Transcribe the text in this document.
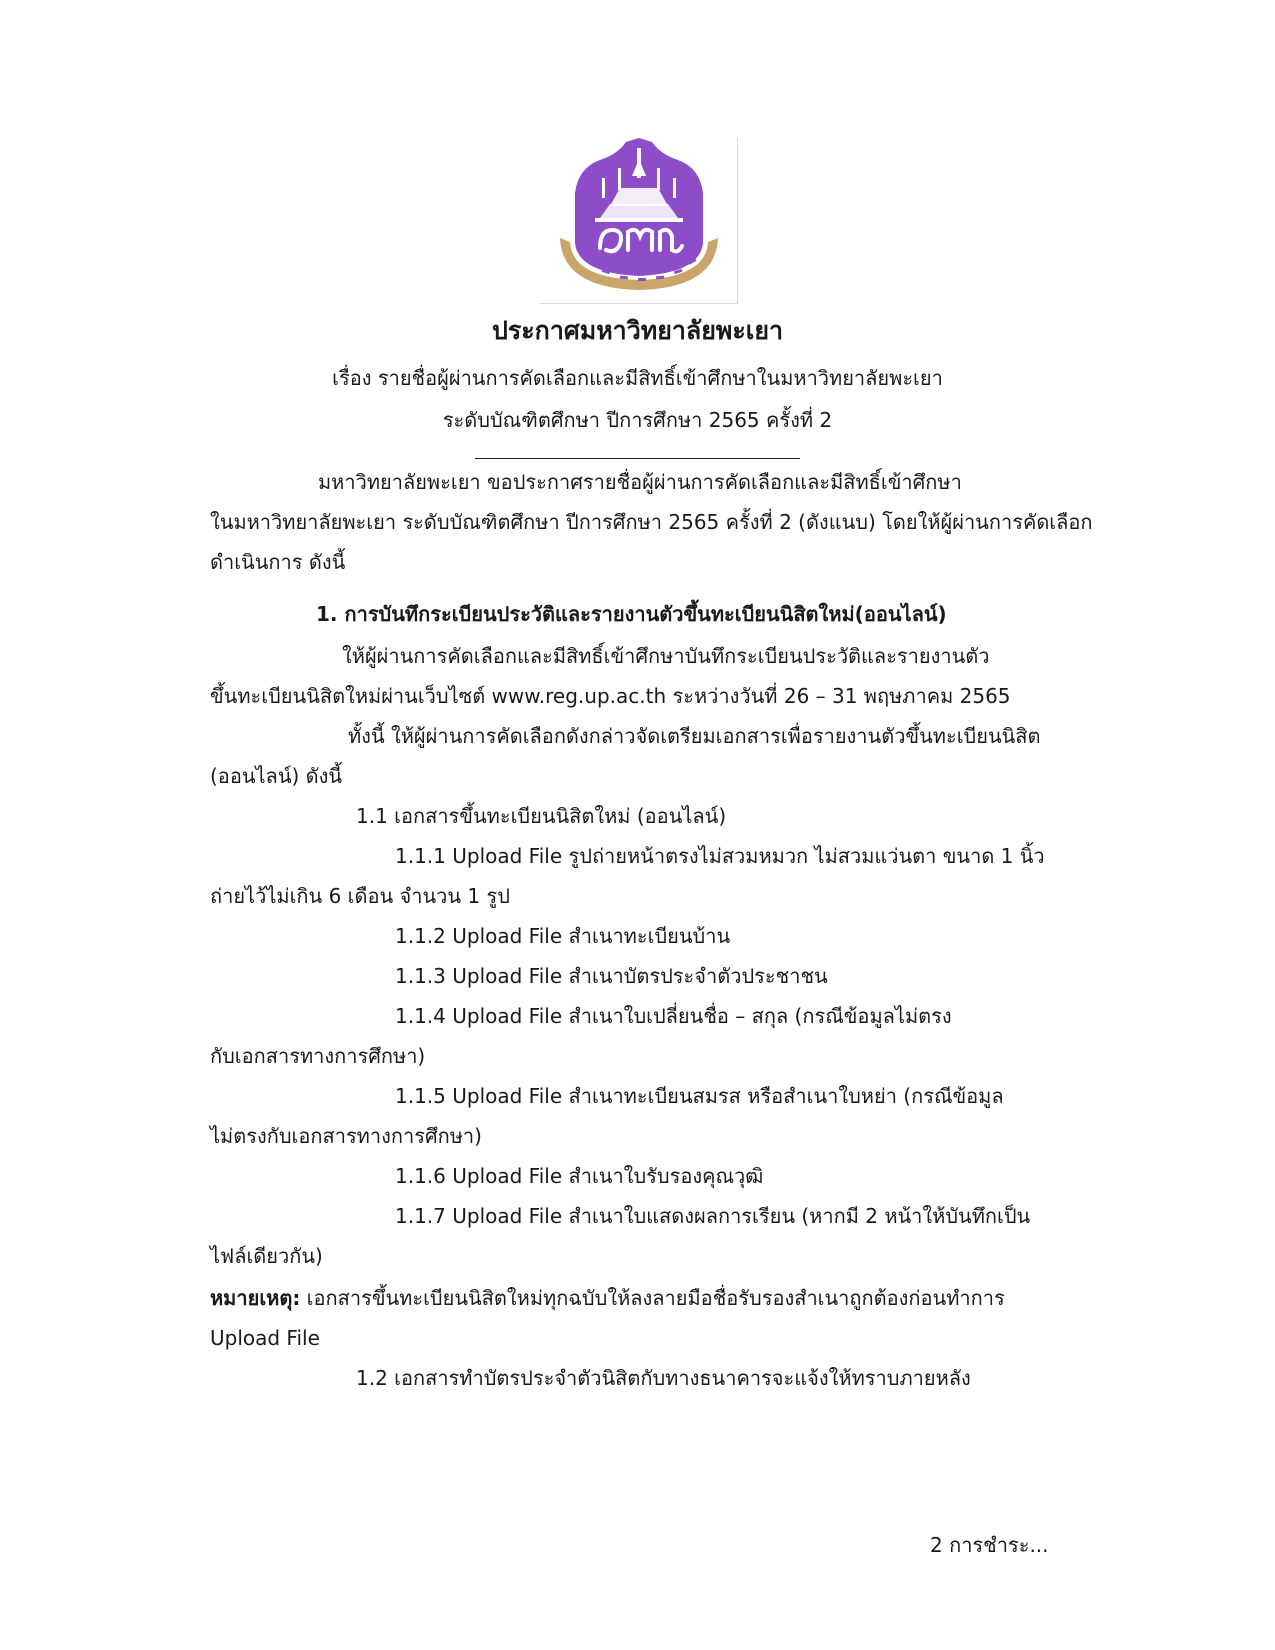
ประกาศมหาวิทยาลัยพะเยา
เรื่อง รายชื่อผู้ผ่านการคัดเลือกและมีสิทธิ์เข้าศึกษาในมหาวิทยาลัยพะเยา
ระดับบัณฑิตศึกษา ปีการศึกษา 2565 ครั้งที่ 2
มหาวิทยาลัยพะเยา ขอประกาศรายชื่อผู้ผ่านการคัดเลือกและมีสิทธิ์เข้าศึกษา
ในมหาวิทยาลัยพะเยา ระดับบัณฑิตศึกษา ปีการศึกษา 2565 ครั้งที่ 2 (ดังแนบ) โดยให้ผู้ผ่านการคัดเลือก
ดำเนินการ ดังนี้
1. การบันทึกระเบียนประวัติและรายงานตัวขึ้นทะเบียนนิสิตใหม่(ออนไลน์)
ให้ผู้ผ่านการคัดเลือกและมีสิทธิ์เข้าศึกษาบันทึกระเบียนประวัติและรายงานตัว
ขึ้นทะเบียนนิสิตใหม่ผ่านเว็บไซต์ www.reg.up.ac.th ระหว่างวันที่ 26 – 31 พฤษภาคม 2565
ทั้งนี้ ให้ผู้ผ่านการคัดเลือกดังกล่าวจัดเตรียมเอกสารเพื่อรายงานตัวขึ้นทะเบียนนิสิต
(ออนไลน์) ดังนี้
1.1 เอกสารขึ้นทะเบียนนิสิตใหม่ (ออนไลน์)
1.1.1 Upload File รูปถ่ายหน้าตรงไม่สวมหมวก ไม่สวมแว่นตา ขนาด 1 นิ้ว
ถ่ายไว้ไม่เกิน 6 เดือน จำนวน 1 รูป
1.1.2 Upload File สำเนาทะเบียนบ้าน
1.1.3 Upload File สำเนาบัตรประจำตัวประชาชน
1.1.4 Upload File สำเนาใบเปลี่ยนชื่อ – สกุล (กรณีข้อมูลไม่ตรง
กับเอกสารทางการศึกษา)
1.1.5 Upload File สำเนาทะเบียนสมรส หรือสำเนาใบหย่า (กรณีข้อมูล
ไม่ตรงกับเอกสารทางการศึกษา)
1.1.6 Upload File สำเนาใบรับรองคุณวุฒิ
1.1.7 Upload File สำเนาใบแสดงผลการเรียน (หากมี 2 หน้าให้บันทึกเป็น
ไฟล์เดียวกัน)
หมายเหตุ: เอกสารขึ้นทะเบียนนิสิตใหม่ทุกฉบับให้ลงลายมือชื่อรับรองสำเนาถูกต้องก่อนทำการ
Upload File
1.2 เอกสารทำบัตรประจำตัวนิสิตกับทางธนาคารจะแจ้งให้ทราบภายหลัง
2 การชำระ...
